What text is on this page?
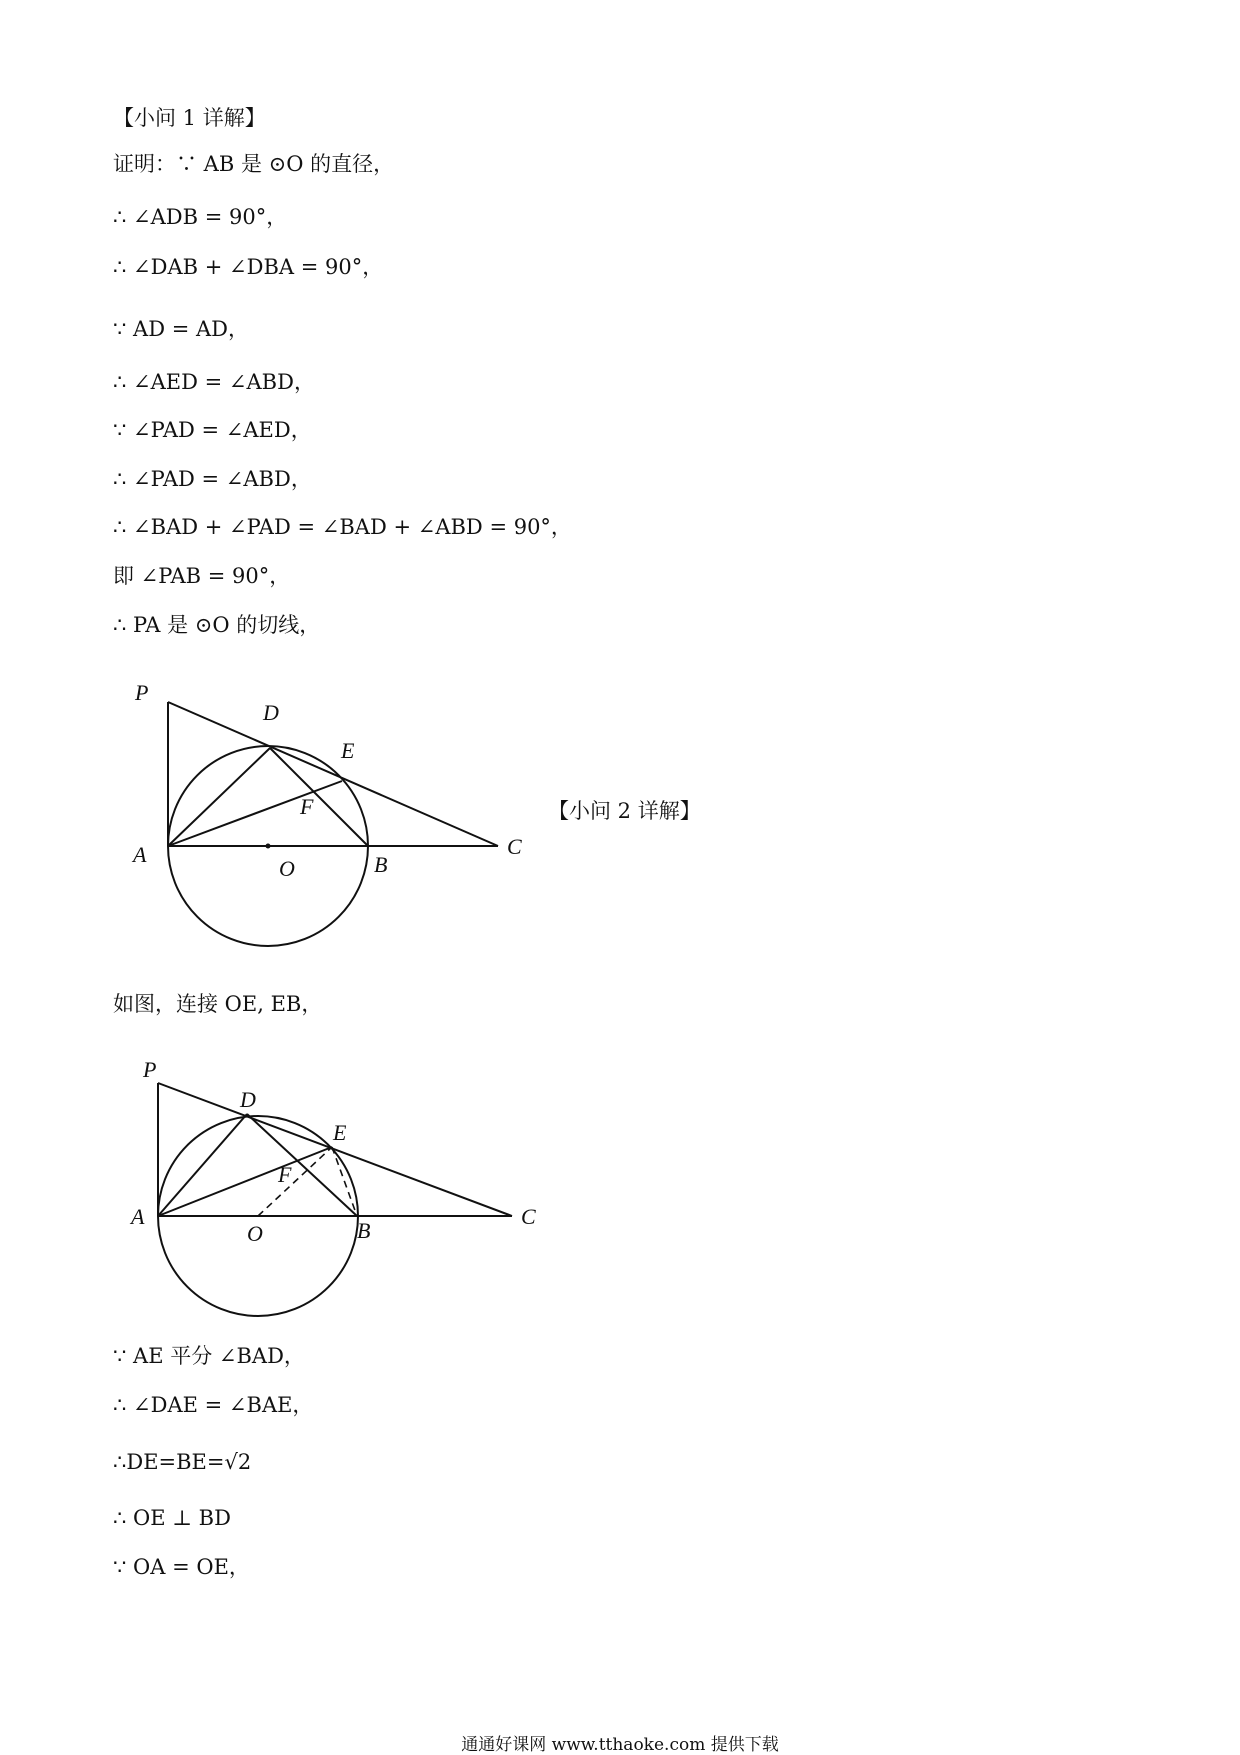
【小问 1 详解】
证明：∵ AB 是 ⊙O 的直径，
∴ ∠ADB = 90°，
∴ ∠DAB + ∠DBA = 90°，
∵ AD = AD，
∴ ∠AED = ∠ABD，
∵ ∠PAD = ∠AED，
∴ ∠PAD = ∠ABD，
∴ ∠BAD + ∠PAD = ∠BAD + ∠ABD = 90°，
即 ∠PAB = 90°，
∴ PA 是 ⊙O 的切线，
P
D
E
F
A
O	B
C
【小问 2 详解】
如图，连接 OE, EB，
P
D
E
F
A
O	B
C
∵ AE 平分 ∠BAD，
∴ ∠DAE = ∠BAE，
∴DE=BE=√2
∴ OE ⊥ BD
∵ OA = OE，
通通好课网 www.tthaoke.com 提供下载
